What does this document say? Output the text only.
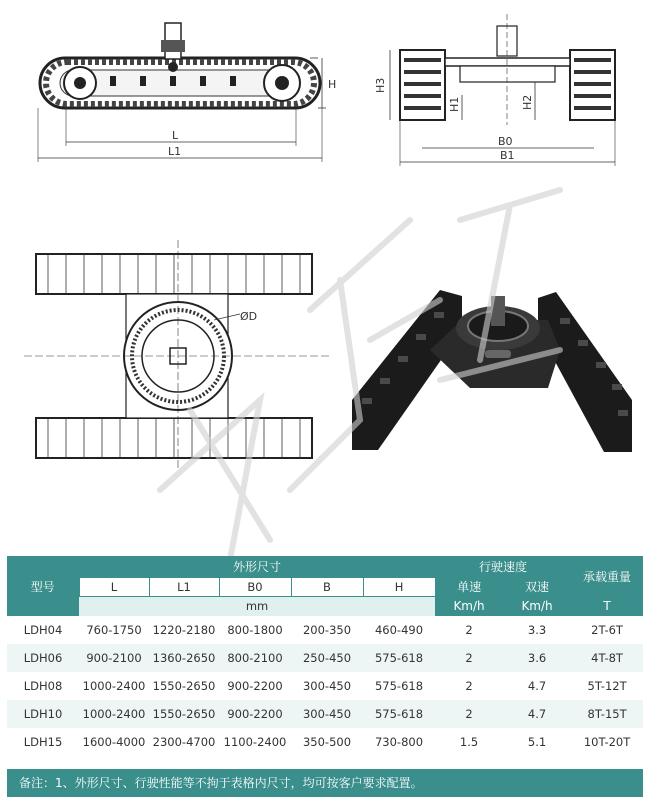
H
L
L1
H3
H1	H2
B0
B1
ØD
型号	外形尺寸					行驶速度		承载重量
	L	L1	B0	B	H	单速	双速	
	mm					Km/h	Km/h	T
LDH04	760-1750	1220-2180	800-1800	200-350	460-490	2	3.3	2T-6T
LDH06	900-2100	1360-2650	800-2100	250-450	575-618	2	3.6	4T-8T
LDH08	1000-2400	1550-2650	900-2200	300-450	575-618	2	4.7	5T-12T
LDH10	1000-2400	1550-2650	900-2200	300-450	575-618	2	4.7	8T-15T
LDH15	1600-4000	2300-4700	1100-2400	350-500	730-800	1.5	5.1	10T-20T
备注：1、外形尺寸、行驶性能等不拘于表格内尺寸，均可按客户要求配置。
